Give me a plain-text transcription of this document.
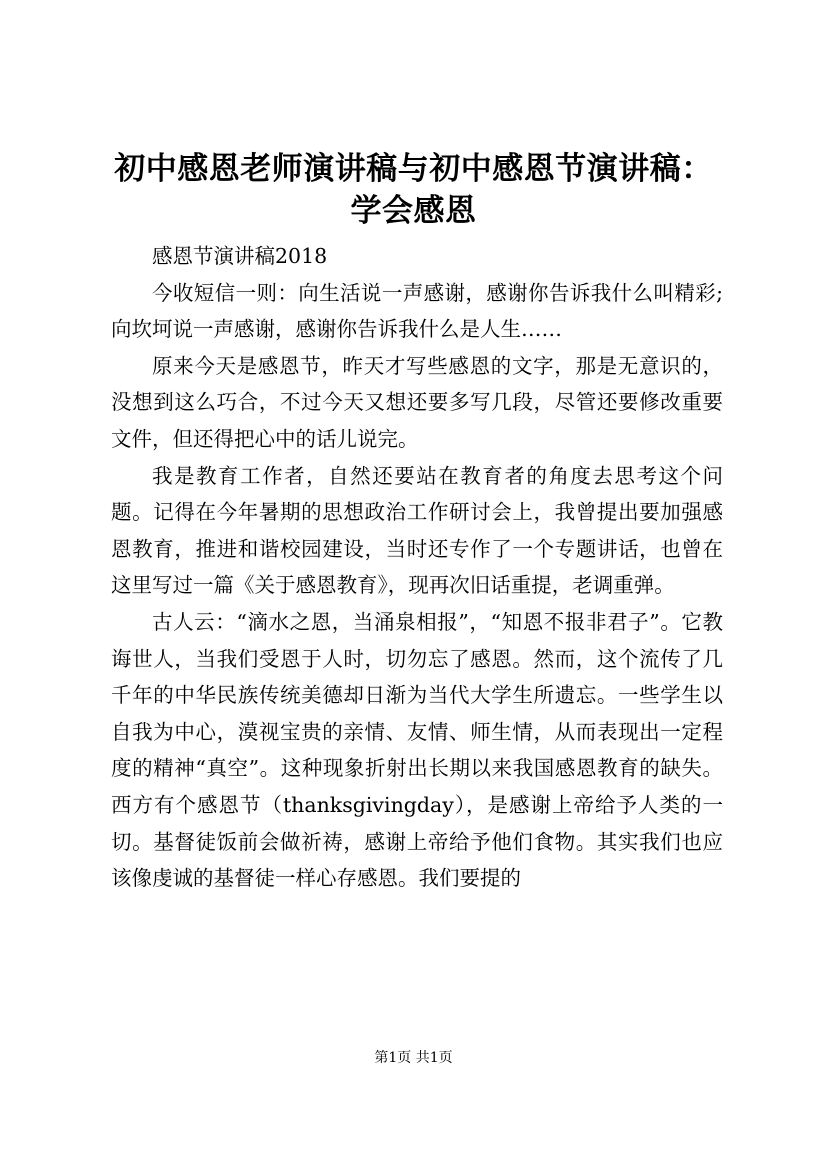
初中感恩老师演讲稿与初中感恩节演讲稿：学会感恩

感恩节演讲稿2018

今收短信一则：向生活说一声感谢，感谢你告诉我什么叫精彩;向坎坷说一声感谢，感谢你告诉我什么是人生……

原来今天是感恩节，昨天才写些感恩的文字，那是无意识的，没想到这么巧合，不过今天又想还要多写几段，尽管还要修改重要文件，但还得把心中的话儿说完。

我是教育工作者，自然还要站在教育者的角度去思考这个问题。记得在今年暑期的思想政治工作研讨会上，我曾提出要加强感恩教育，推进和谐校园建设，当时还专作了一个专题讲话，也曾在这里写过一篇《关于感恩教育》，现再次旧话重提，老调重弹。

古人云：“滴水之恩，当涌泉相报”，“知恩不报非君子”。它教诲世人，当我们受恩于人时，切勿忘了感恩。然而，这个流传了几千年的中华民族传统美德却日渐为当代大学生所遗忘。一些学生以自我为中心，漠视宝贵的亲情、友情、师生情，从而表现出一定程度的精神“真空”。这种现象折射出长期以来我国感恩教育的缺失。西方有个感恩节（thanksgivingday），是感谢上帝给予人类的一切。基督徒饭前会做祈祷，感谢上帝给予他们食物。其实我们也应该像虔诚的基督徒一样心存感恩。我们要提的

第1页 共1页
